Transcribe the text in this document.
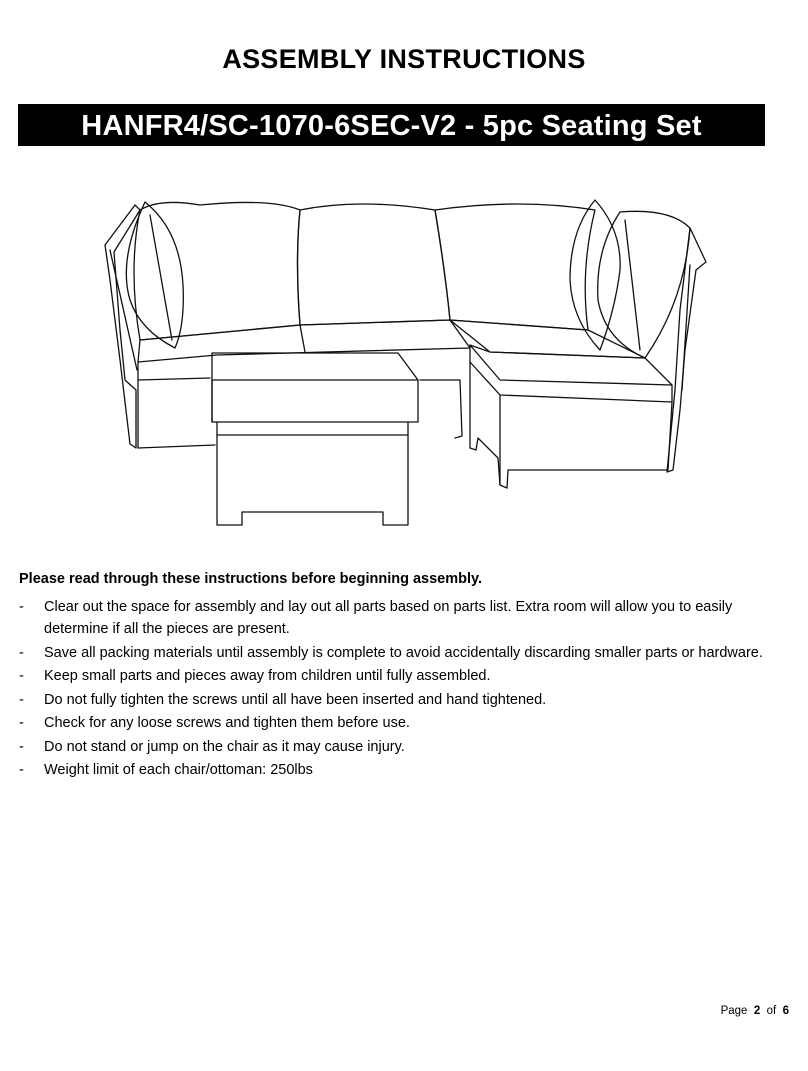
ASSEMBLY INSTRUCTIONS
HANFR4/SC-1070-6SEC-V2 - 5pc Seating Set
Please read through these instructions before beginning assembly.
- Clear out the space for assembly and lay out all parts based on parts list. Extra room will allow you to easily determine if all the pieces are present.
- Save all packing materials until assembly is complete to avoid accidentally discarding smaller parts or hardware.
- Keep small parts and pieces away from children until fully assembled.
- Do not fully tighten the screws until all have been inserted and hand tightened.
- Check for any loose screws and tighten them before use.
- Do not stand or jump on the chair as it may cause injury.
- Weight limit of each chair/ottoman: 250lbs
Page 2 of 6
